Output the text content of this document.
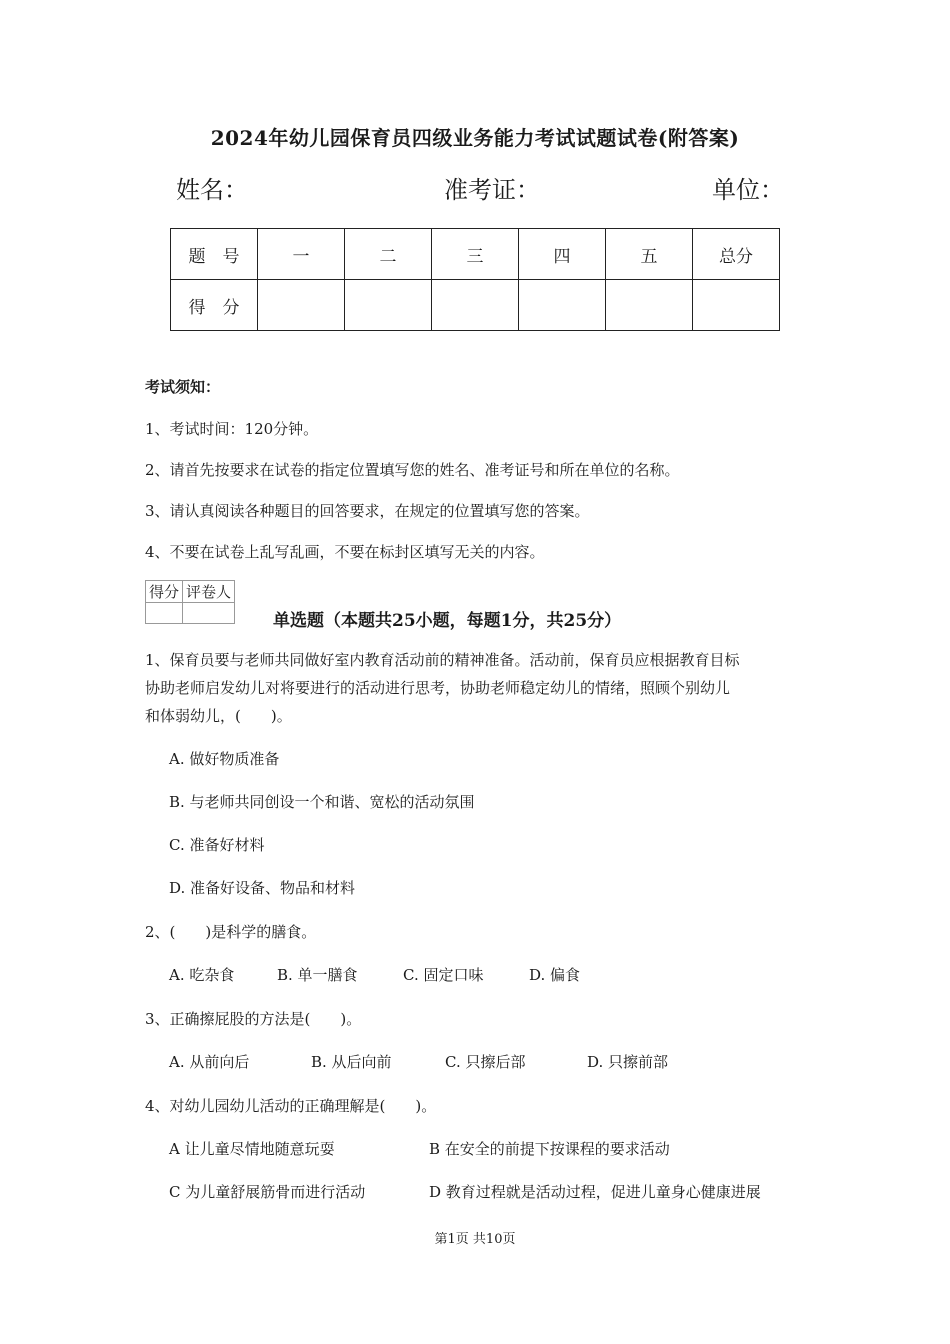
2024年幼儿园保育员四级业务能力考试试题试卷(附答案)
姓名：	准考证：	单位：
题　号	一	二	三	四	五	总分
得　分						
考试须知：
1、考试时间：120分钟。
2、请首先按要求在试卷的指定位置填写您的姓名、准考证号和所在单位的名称。
3、请认真阅读各种题目的回答要求，在规定的位置填写您的答案。
4、不要在试卷上乱写乱画，不要在标封区填写无关的内容。
得分	评卷人

单选题（本题共25小题，每题1分，共25分）
1、保育员要与老师共同做好室内教育活动前的精神准备。活动前，保育员应根据教育目标
协助老师启发幼儿对将要进行的活动进行思考，协助老师稳定幼儿的情绪，照顾个别幼儿
和体弱幼儿，(　　)。
A. 做好物质准备
B. 与老师共同创设一个和谐、宽松的活动氛围
C. 准备好材料
D. 准备好设备、物品和材料
2、(　　)是科学的膳食。
A. 吃杂食	B. 单一膳食	C. 固定口味	D. 偏食
3、正确擦屁股的方法是(　　)。
A. 从前向后	B. 从后向前	C. 只擦后部	D. 只擦前部
4、对幼儿园幼儿活动的正确理解是(　　)。
A 让儿童尽情地随意玩耍	B 在安全的前提下按课程的要求活动
C 为儿童舒展筋骨而进行活动	D 教育过程就是活动过程，促进儿童身心健康进展
第1页 共10页
